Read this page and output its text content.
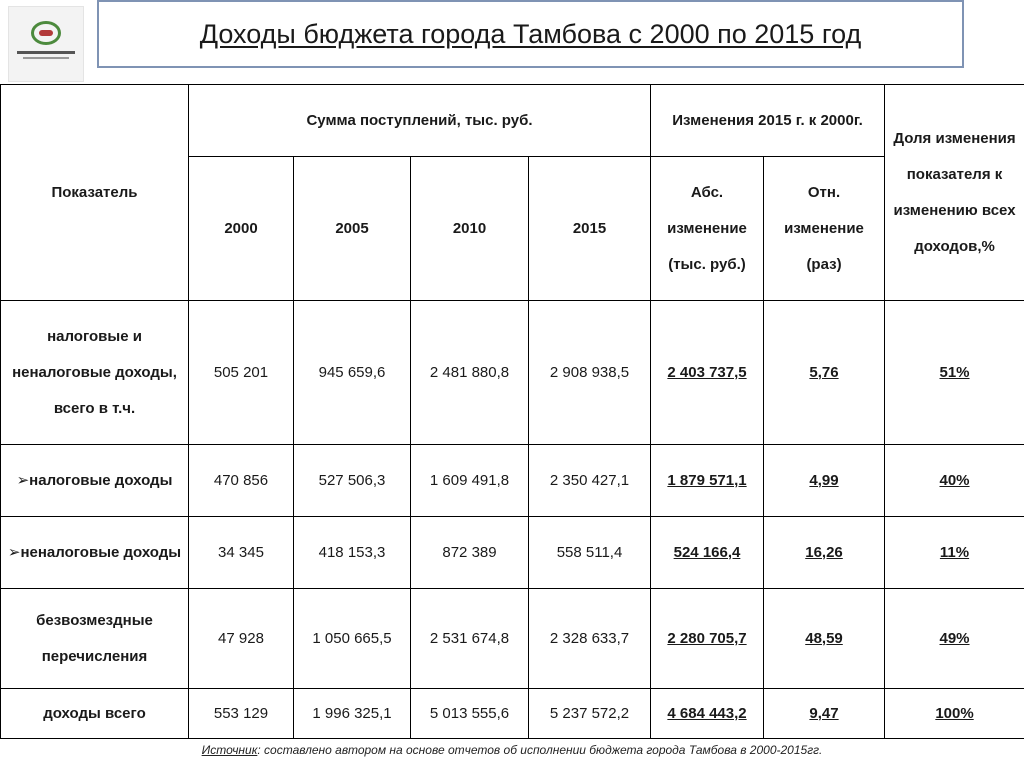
Доходы бюджета города Тамбова с 2000 по 2015 год
Показатель	Сумма поступлений, тыс. руб.				Изменения 2015 г. к 2000г.		Доля изменения показателя к изменению всех доходов,%
	2000	2005	2010	2015	Абс. изменение (тыс. руб.)	Отн. изменение (раз)	
налоговые и неналоговые доходы, всего в т.ч.	505 201	945 659,6	2 481 880,8	2 908 938,5	2 403 737,5	5,76	51%
➢налоговые доходы	470 856	527 506,3	1 609 491,8	2 350 427,1	1 879 571,1	4,99	40%
➢неналоговые доходы	34 345	418 153,3	872 389	558 511,4	524 166,4	16,26	11%
безвозмездные перечисления	47 928	1 050 665,5	2 531 674,8	2 328 633,7	2 280 705,7	48,59	49%
доходы всего	553 129	1 996 325,1	5 013 555,6	5 237 572,2	4 684 443,2	9,47	100%
Источник: составлено автором на основе отчетов об исполнении бюджета города Тамбова в 2000-2015гг.
